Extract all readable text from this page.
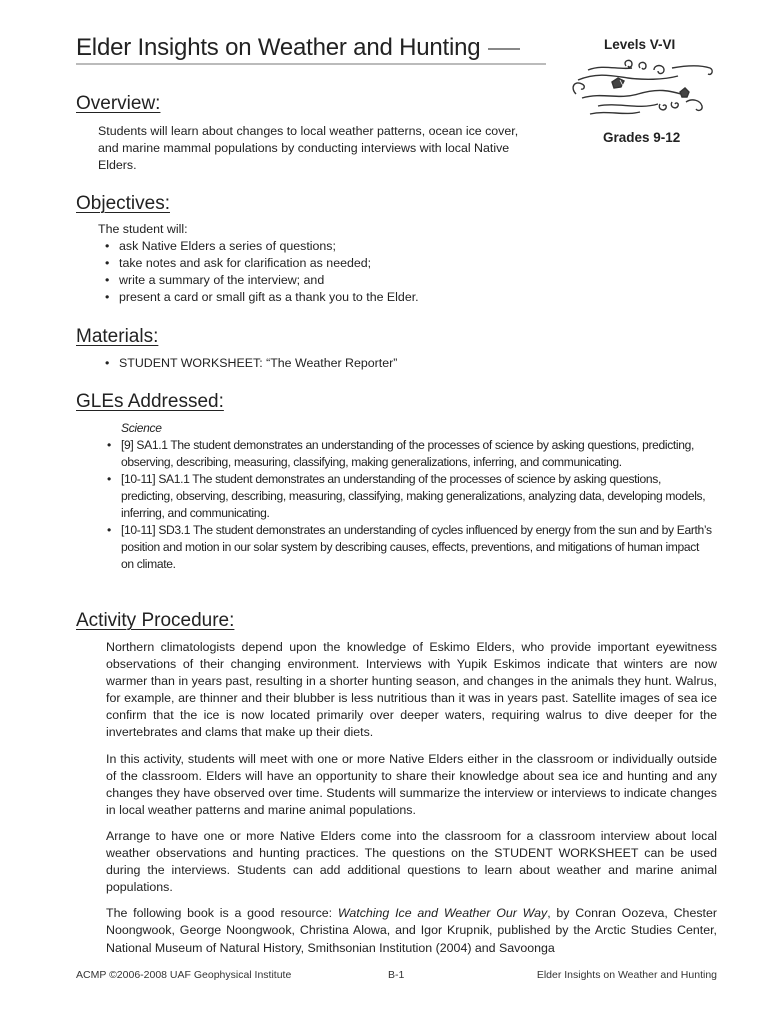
Elder Insights on Weather and Hunting	Levels V-VI
Grades 9-12
Overview:
Students will learn about changes to local weather patterns, ocean ice cover, and marine mammal populations by conducting interviews with local Native Elders.
Objectives:
The student will:
• ask Native Elders a series of questions;
• take notes and ask for clarification as needed;
• write a summary of the interview; and
• present a card or small gift as a thank you to the Elder.
Materials:
• STUDENT WORKSHEET: “The Weather Reporter”
GLEs Addressed:
Science
• [9] SA1.1 The student demonstrates an understanding of the processes of science by asking questions, predicting, observing, describing, measuring, classifying, making generalizations, inferring, and communicating.
• [10-11] SA1.1 The student demonstrates an understanding of the processes of science by asking questions, predicting, observing, describing, measuring, classifying, making generalizations, analyzing data, developing models, inferring, and communicating.
• [10-11] SD3.1 The student demonstrates an understanding of cycles influenced by energy from the sun and by Earth’s position and motion in our solar system by describing causes, effects, preventions, and mitigations of human impact on climate.
Activity Procedure:

Northern climatologists depend upon the knowledge of Eskimo Elders, who provide important eyewitness observations of their changing environment. Interviews with Yupik Eskimos indicate that winters are now warmer than in years past, resulting in a shorter hunting season, and changes in the animals they hunt. Walrus, for example, are thinner and their blubber is less nutritious than it was in years past. Satellite images of sea ice confirm that the ice is now located primarily over deeper waters, requiring walrus to dive deeper for the invertebrates and clams that make up their diets.

In this activity, students will meet with one or more Native Elders either in the classroom or individually outside of the classroom. Elders will have an opportunity to share their knowledge about sea ice and hunting and any changes they have observed over time. Students will summarize the interview or interviews to indicate changes in local weather patterns and marine animal populations.

Arrange to have one or more Native Elders come into the classroom for a classroom interview about local weather observations and hunting practices. The questions on the STUDENT WORKSHEET can be used during the interviews. Students can add additional questions to learn about weather and marine animal populations.

The following book is a good resource: Watching Ice and Weather Our Way, by Conran Oozeva, Chester Noongwook, George Noongwook, Christina Alowa, and Igor Krupnik, published by the Arctic Studies Center, National Museum of Natural History, Smithsonian Institution (2004) and Savoonga

ACMP ©2006-2008 UAF Geophysical Institute	B-1	Elder Insights on Weather and Hunting
